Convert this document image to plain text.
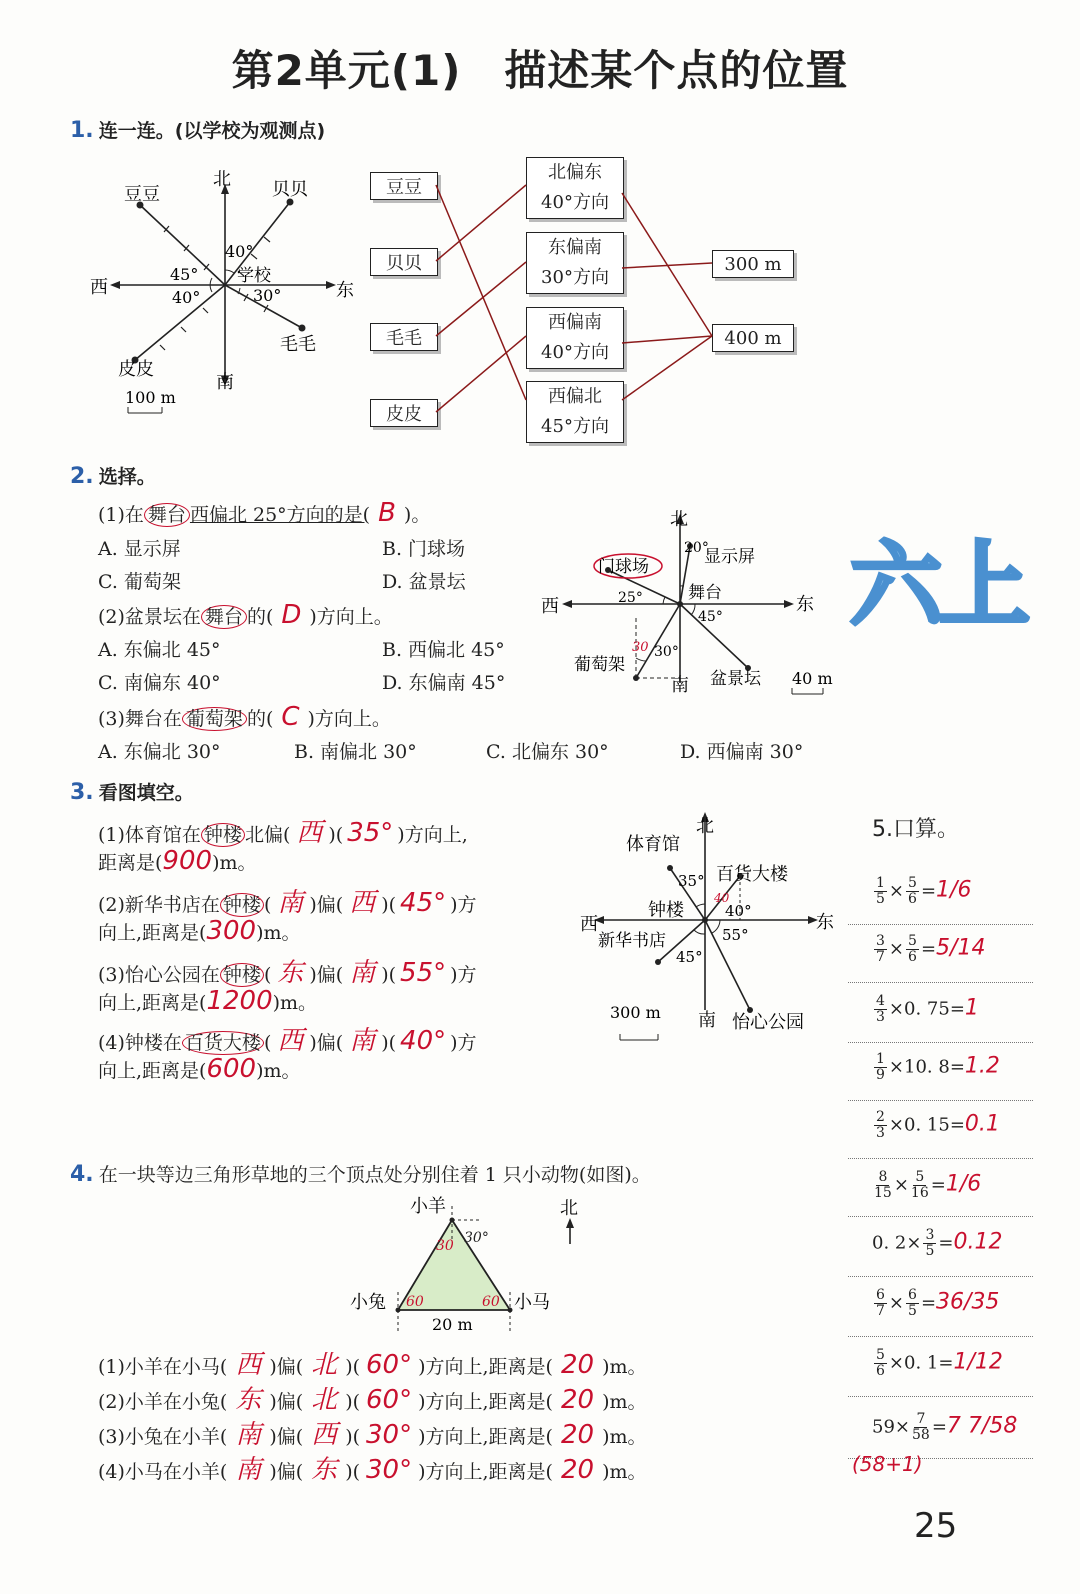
第2单元(1)　描述某个点的位置
1. 连一连。(以学校为观测点)
北
南
东
西
学校
40°
45°
40°	30°
豆豆	贝贝
毛毛
皮皮
100 m
豆豆
贝贝
毛毛
皮皮
北偏东
40°方向
东偏南
30°方向
西偏南
40°方向
西偏北
45°方向
300 m
400 m
2. 选择。
(1)在 舞台 西偏北 25°方向的是( B )。
A. 显示屏	B. 门球场
C. 葡萄架	D. 盆景坛
(2)盆景坛在 舞台 的( D )方向上。
A. 东偏北 45°	B. 西偏北 45°
C. 南偏东 40°	D. 东偏南 45°
(3)舞台在 葡萄架 的( C )方向上。
A. 东偏北 30°	B. 南偏北 30°	C. 北偏东 30°	D. 西偏南 30°
北
南
东
西
显示屏
门球场
舞台
葡萄架
盆景坛
20°
25°
45°
30°
30
40 m
六上
3. 看图填空。
(1)体育馆在 钟楼 北偏( 西 )( 35° )方向上,
距离是(900)m。
(2)新华书店在 钟楼 ( 南 )偏( 西 )( 45° )方
向上,距离是(300)m。
(3)怡心公园在 钟楼 ( 东 )偏( 南 )( 55° )方
向上,距离是(1200)m。
(4)钟楼在 百货大楼 ( 西 )偏( 南 )( 40° )方
向上,距离是(600)m。
北
南
东
西
体育馆
百货大楼
钟楼
新华书店
怡心公园
35°
40°
55°
45°
40
300 m
5.口算。
$\frac{1}{5} \times \frac{5}{6} =1/6$
$\frac{3}{7} \times \frac{5}{6} =5/14$
$\frac{4}{3} \times 0$. 75=1
$\frac{1}{9} \times 10$. 8=1.2
$\frac{2}{3} \times 0$. 15=0.1
$\frac{8}{15} \times \frac{5}{16} =1/6$
0. $2\times \frac{3}{5} =0.12$
$\frac{6}{7} \times \frac{6}{5} =36/35$
$\frac{5}{6} \times 0$. 1=1/12
$59\times \frac{7}{58} =7$ 7/58
(58+1)
4. 在一块等边三角形草地的三个顶点处分别住着 1 只小动物(如图)。
小羊
小兔	小马
北
20 m
30 30°
60	60
(1)小羊在小马( 西 )偏( 北 )( 60° )方向上,距离是( 20 )m。
(2)小羊在小兔( 东 )偏( 北 )( 60° )方向上,距离是( 20 )m。
(3)小兔在小羊( 南 )偏( 西 )( 30° )方向上,距离是( 20 )m。
(4)小马在小羊( 南 )偏( 东 )( 30° )方向上,距离是( 20 )m。
25
